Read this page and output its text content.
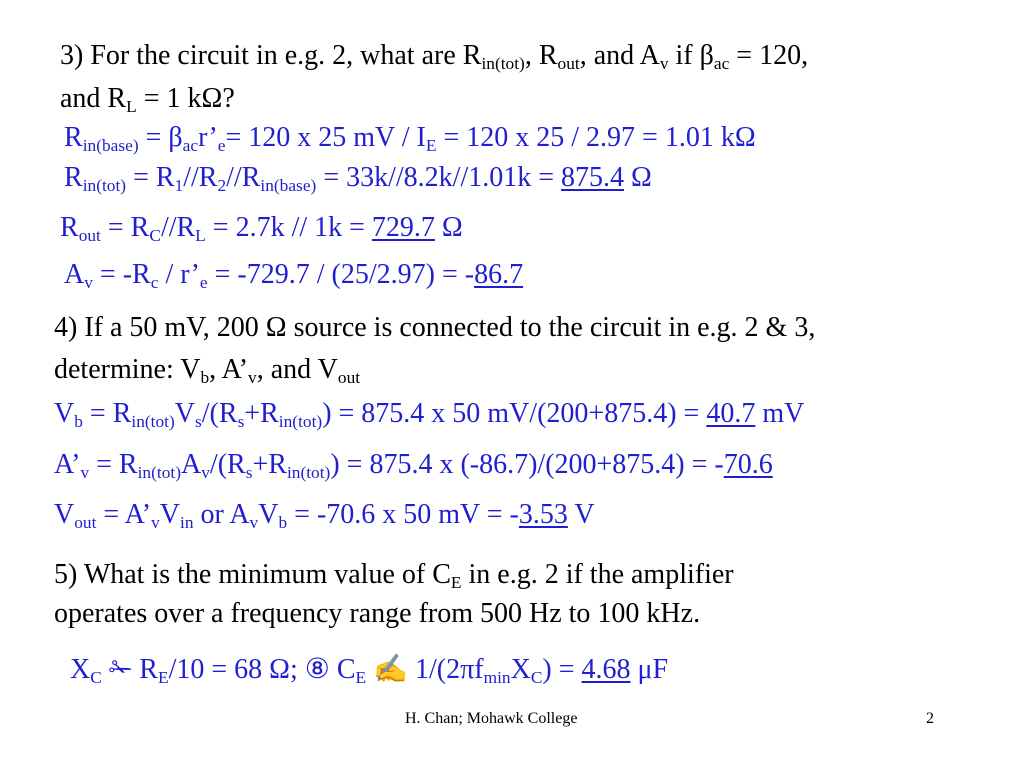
3) For the circuit in e.g. 2, what are $R_{in(tot)}$, $R_{out}$, and $A_v$ if $\beta_{ac} = 120$,
and $R_L = 1$ kΩ?
$R_{in(base)}$ = $\beta_{ac}r’_e= 120$ x 25 mV / $I_E = 120$ x 25 / 2.97 = 1.01 kΩ
$R_{in(tot)} = R_1//R_2//R_{in(base)} = 33k//8.2k//1.01k = 875.4$ Ω
$R_{out} = R_C//R_L = 2.7k // 1k = 729.7$ Ω
$A_v = -R_c$ / $r’_e = -729.7 / (25/2.97) = -86.7$
4) If a 50 mV, 200 Ω source is connected to the circuit in e.g. 2 & 3,
determine: $V_b$, $A’_v$, and $V_{out}$
$V_b = R_{in(tot)}V_s/(R_s+R_{in(tot)}) = 875.4$ x 50 mV/(200+875.4) = 40.7 mV
$A’_v = R_{in(tot)}A_v/(R_s+R_{in(tot)}) = 875.4$ x (-86.7)/(200+875.4) = -70.6
$V_{out}$ = $A’_vV_{in}$ or $A_vV_b = -70.6$ x 50 mV = -3.53 V
5) What is the minimum value of $C_E$ in e.g. 2 if the amplifier
operates over a frequency range from 500 Hz to 100 kHz.
$X_C$ ✁ $R_E/10 = 68$ Ω; ⑧ $C_E$ ✍ $1/(2\pi f_{min}X_C) = 4.68$ μF
H. Chan; Mohawk College	2
